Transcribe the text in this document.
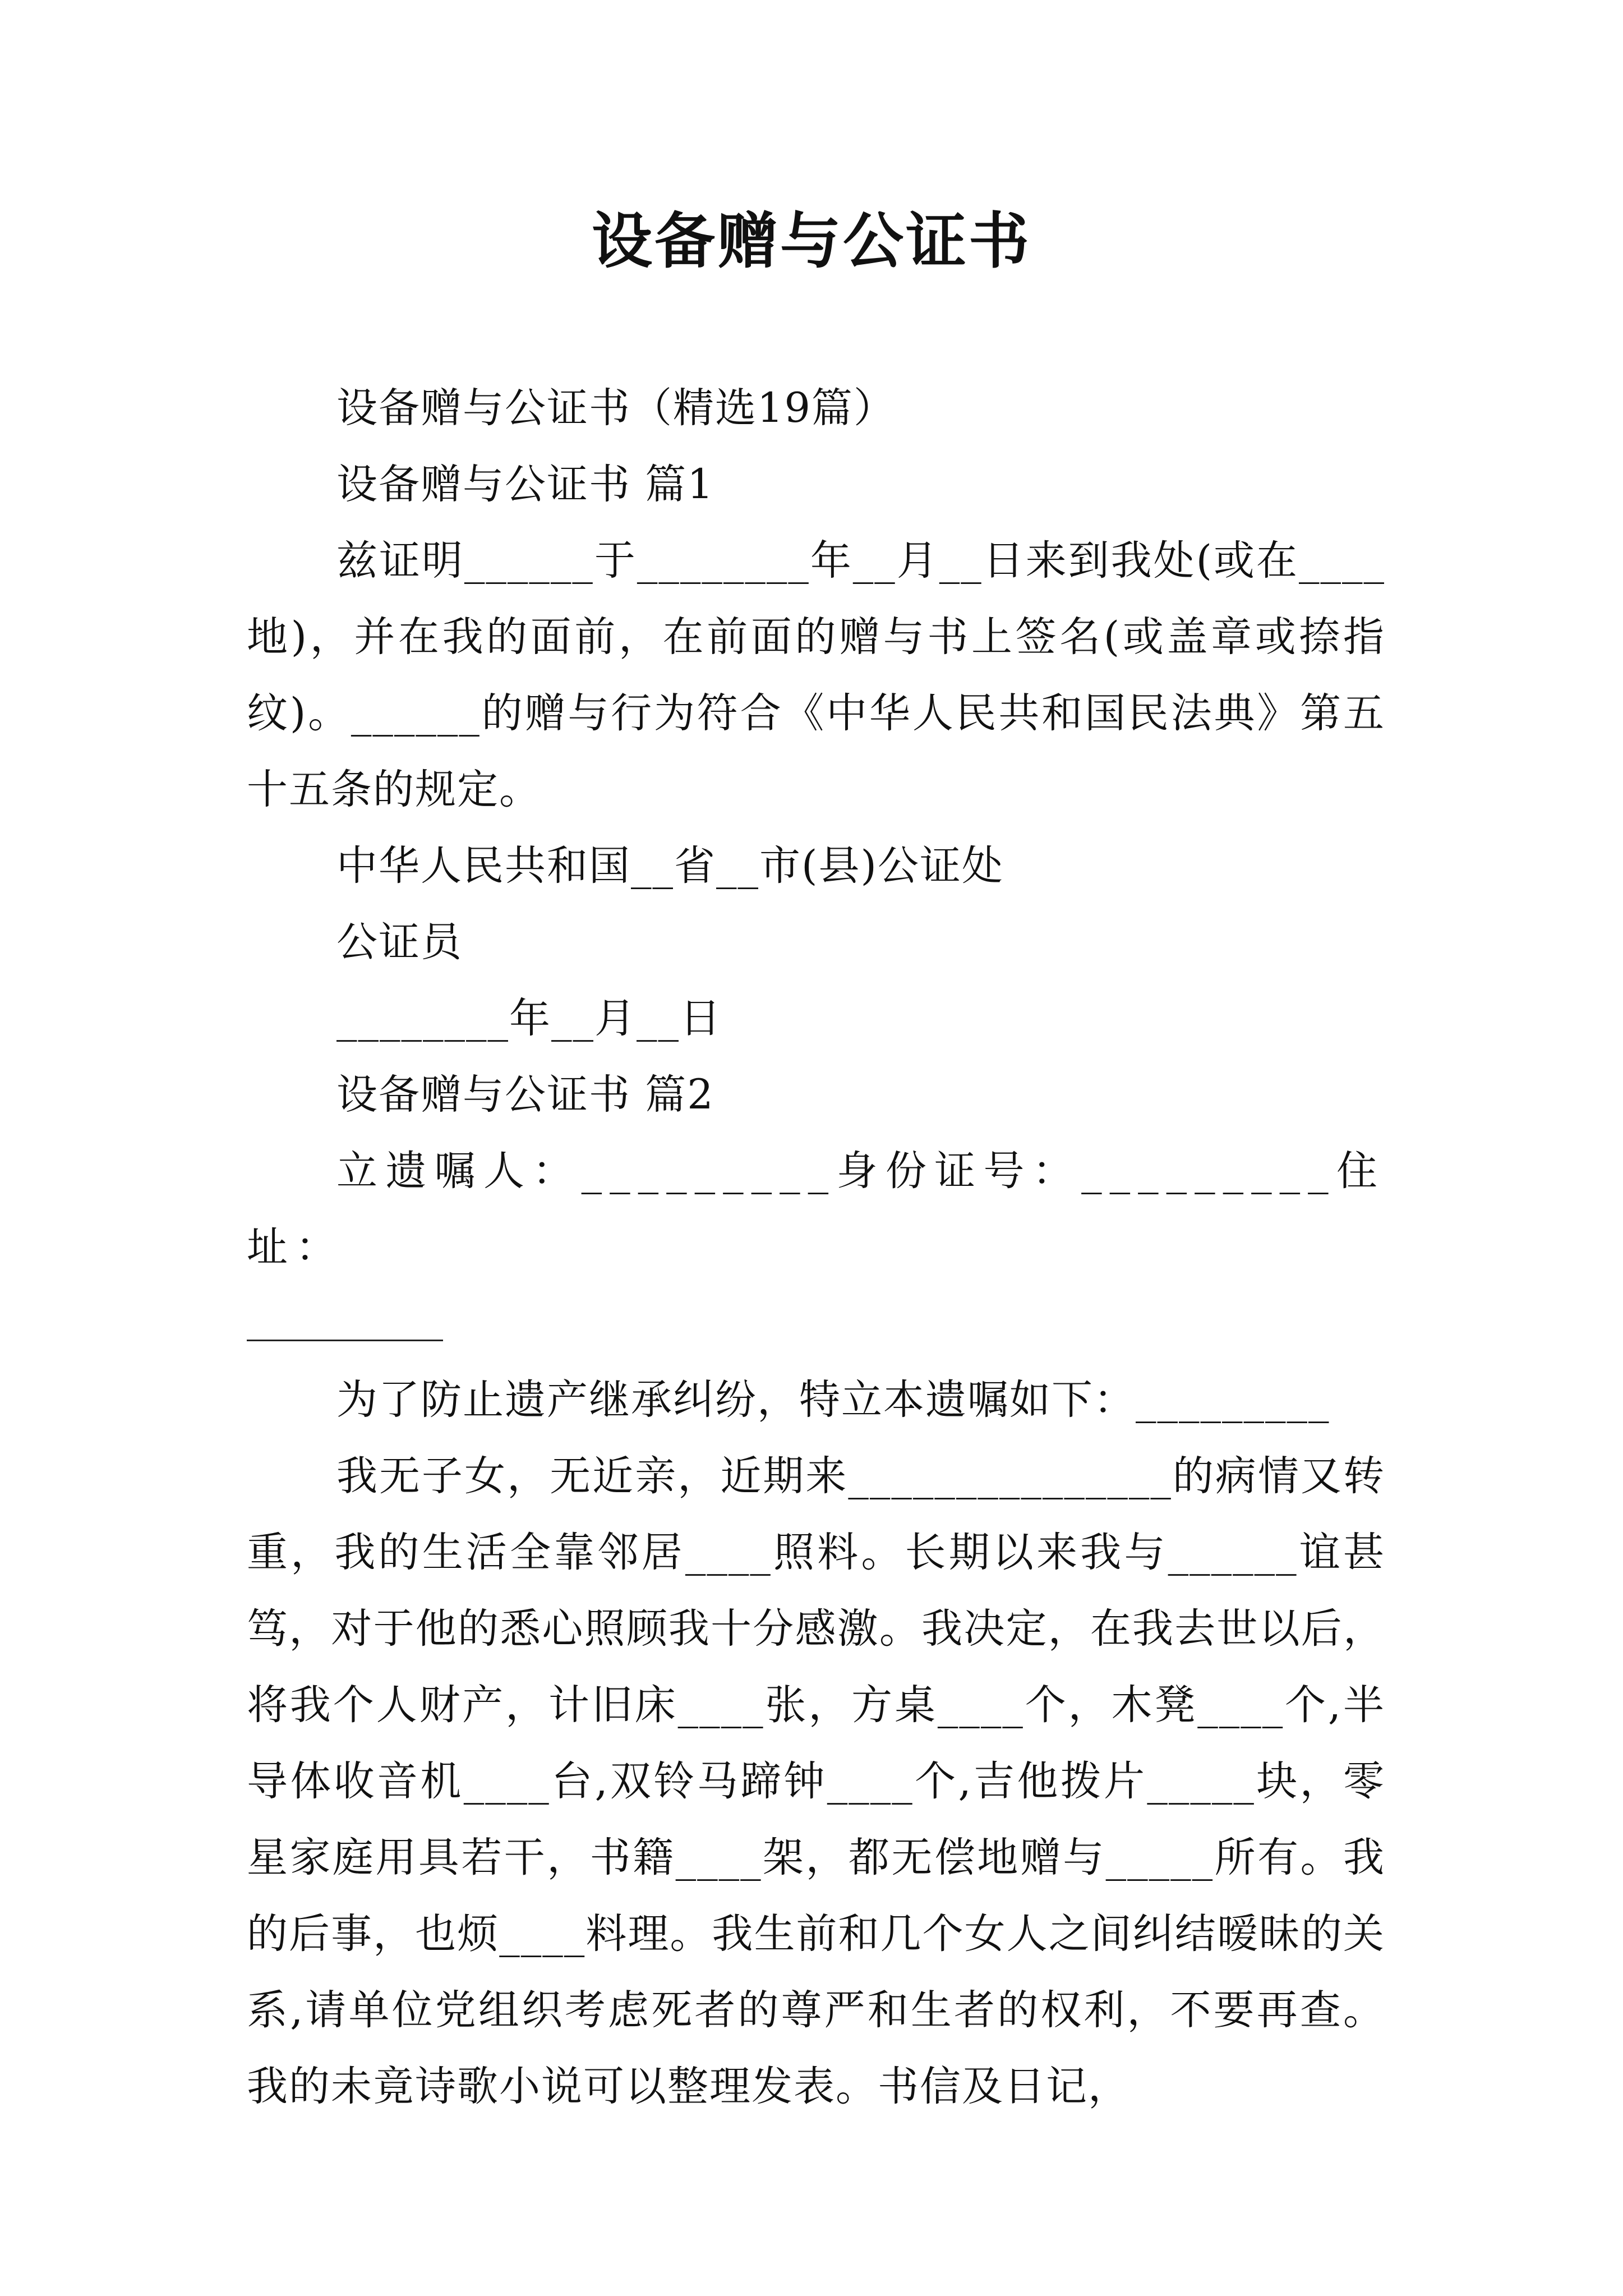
设备赠与公证书

设备赠与公证书（精选19篇）

设备赠与公证书 篇1

兹证明______于________年__月__日来到我处(或在____地)，并在我的面前，在前面的赠与书上签名(或盖章或捺指纹)。______的赠与行为符合《中华人民共和国民法典》第五十五条的规定。

中华人民共和国__省__市(县)公证处

公证员

________年__月__日

设备赠与公证书 篇2

立遗嘱人：_________身份证号：_________住址：

为了防止遗产继承纠纷，特立本遗嘱如下：_________

我无子女，无近亲，近期来_______________的病情又转重，我的生活全靠邻居____照料。长期以来我与______谊甚笃，对于他的悉心照顾我十分感激。我决定，在我去世以后，将我个人财产，计旧床____张，方桌____个，木凳____个,半导体收音机____台,双铃马蹄钟____个,吉他拨片_____块，零星家庭用具若干，书籍____架，都无偿地赠与_____所有。我的后事，也烦____料理。我生前和几个女人之间纠结暧昧的关系,请单位党组织考虑死者的尊严和生者的权利，不要再查。我的未竟诗歌小说可以整理发表。书信及日记，
